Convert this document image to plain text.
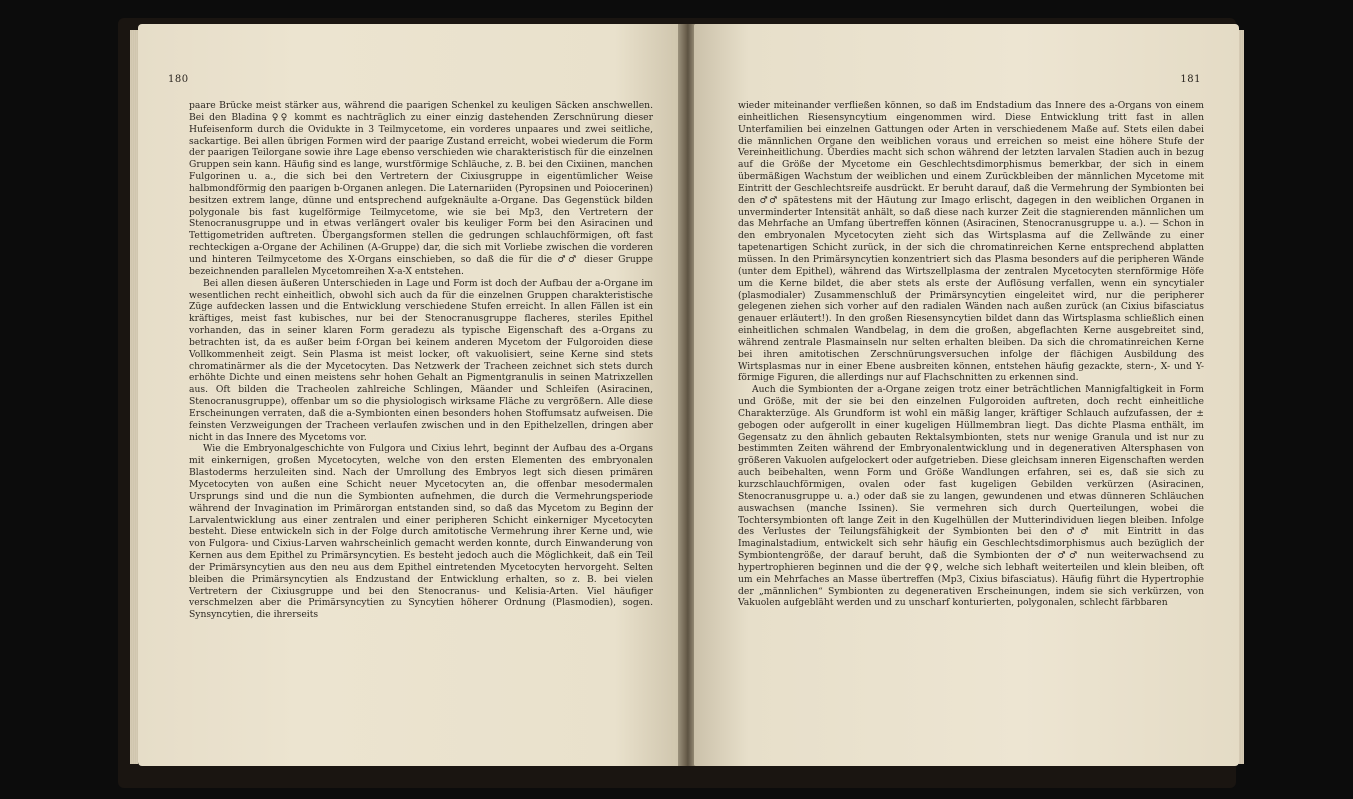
180

paare Brücke meist stärker aus, während die paarigen Schenkel zu keuligen Säcken anschwellen. Bei den Bladina ♀♀ kommt es nachträglich zu einer einzig dastehenden Zerschnürung dieser Hufeisenform durch die Ovidukte in 3 Teilmycetome, ein vorderes unpaares und zwei seitliche, sackartige. Bei allen übrigen Formen wird der paarige Zustand erreicht, wobei wiederum die Form der paarigen Teilorgane sowie ihre Lage ebenso verschieden wie charakteristisch für die einzelnen Gruppen sein kann. Häufig sind es lange, wurstförmige Schläuche, z. B. bei den Cixiinen, manchen Fulgorinen u. a., die sich bei den Vertretern der Cixiusgruppe in eigentümlicher Weise halbmondförmig den paarigen b-Organen anlegen. Die Laternariiden (Pyropsinen und Poiocerinen) besitzen extrem lange, dünne und entsprechend aufgeknäulte a-Organe. Das Gegenstück bilden polygonale bis fast kugelförmige Teilmycetome, wie sie bei Mp3, den Vertretern der Stenocranusgruppe und in etwas verlängert ovaler bis keuliger Form bei den Asiracinen und Tettigometriden auftreten. Übergangsformen stellen die gedrungen schlauchförmigen, oft fast rechteckigen a-Organe der Achilinen (A-Gruppe) dar, die sich mit Vorliebe zwischen die vorderen und hinteren Teilmycetome des X-Organs einschieben, so daß die für die ♂♂ dieser Gruppe bezeichnenden parallelen Mycetomreihen X-a-X entstehen.

Bei allen diesen äußeren Unterschieden in Lage und Form ist doch der Aufbau der a-Organe im wesentlichen recht einheitlich, obwohl sich auch da für die einzelnen Gruppen charakteristische Züge aufdecken lassen und die Entwicklung verschiedene Stufen erreicht. In allen Fällen ist ein kräftiges, meist fast kubisches, nur bei der Stenocranusgruppe flacheres, steriles Epithel vorhanden, das in seiner klaren Form geradezu als typische Eigenschaft des a-Organs zu betrachten ist, da es außer beim f-Organ bei keinem anderen Mycetom der Fulgoroiden diese Vollkommenheit zeigt. Sein Plasma ist meist locker, oft vakuolisiert, seine Kerne sind stets chromatinärmer als die der Mycetocyten. Das Netzwerk der Tracheen zeichnet sich stets durch erhöhte Dichte und einen meistens sehr hohen Gehalt an Pigmentgranulis in seinen Matrixzellen aus. Oft bilden die Tracheolen zahlreiche Schlingen, Mäander und Schleifen (Asiracinen, Stenocranusgruppe), offenbar um so die physiologisch wirksame Fläche zu vergrößern. Alle diese Erscheinungen verraten, daß die a-Symbionten einen besonders hohen Stoffumsatz aufweisen. Die feinsten Verzweigungen der Tracheen verlaufen zwischen und in den Epithelzellen, dringen aber nicht in das Innere des Mycetoms vor.

Wie die Embryonalgeschichte von Fulgora und Cixius lehrt, beginnt der Aufbau des a-Organs mit einkernigen, großen Mycetocyten, welche von den ersten Elementen des embryonalen Blastoderms herzuleiten sind. Nach der Umrollung des Embryos legt sich diesen primären Mycetocyten von außen eine Schicht neuer Mycetocyten an, die offenbar mesodermalen Ursprungs sind und die nun die Symbionten aufnehmen, die durch die Vermehrungsperiode während der Invagination im Primärorgan entstanden sind, so daß das Mycetom zu Beginn der Larvalentwicklung aus einer zentralen und einer peripheren Schicht einkerniger Mycetocyten besteht. Diese entwickeln sich in der Folge durch amitotische Vermehrung ihrer Kerne und, wie von Fulgora- und Cixius-Larven wahrscheinlich gemacht werden konnte, durch Einwanderung von Kernen aus dem Epithel zu Primärsyncytien. Es besteht jedoch auch die Möglichkeit, daß ein Teil der Primärsyncytien aus den neu aus dem Epithel eintretenden Mycetocyten hervorgeht. Selten bleiben die Primärsyncytien als Endzustand der Entwicklung erhalten, so z. B. bei vielen Vertretern der Cixiusgruppe und bei den Stenocranus- und Kelisia-Arten. Viel häufiger verschmelzen aber die Primärsyncytien zu Syncytien höherer Ordnung (Plasmodien), sogen. Synsyncytien, die ihrerseits

181

wieder miteinander verfließen können, so daß im Endstadium das Innere des a-Organs von einem einheitlichen Riesensyncytium eingenommen wird. Diese Entwicklung tritt fast in allen Unterfamilien bei einzelnen Gattungen oder Arten in verschiedenem Maße auf. Stets eilen dabei die männlichen Organe den weiblichen voraus und erreichen so meist eine höhere Stufe der Vereinheitlichung. Überdies macht sich schon während der letzten larvalen Stadien auch in bezug auf die Größe der Mycetome ein Geschlechtsdimorphismus bemerkbar, der sich in einem übermäßigen Wachstum der weiblichen und einem Zurückbleiben der männlichen Mycetome mit Eintritt der Geschlechtsreife ausdrückt. Er beruht darauf, daß die Vermehrung der Symbionten bei den ♂♂ spätestens mit der Häutung zur Imago erlischt, dagegen in den weiblichen Organen in unverminderter Intensität anhält, so daß diese nach kurzer Zeit die stagnierenden männlichen um das Mehrfache an Umfang übertreffen können (Asiracinen, Stenocranusgruppe u. a.). — Schon in den embryonalen Mycetocyten zieht sich das Wirtsplasma auf die Zellwände zu einer tapetenartigen Schicht zurück, in der sich die chromatinreichen Kerne entsprechend abplatten müssen. In den Primärsyncytien konzentriert sich das Plasma besonders auf die peripheren Wände (unter dem Epithel), während das Wirtszellplasma der zentralen Mycetocyten sternförmige Höfe um die Kerne bildet, die aber stets als erste der Auflösung verfallen, wenn ein syncytialer (plasmodialer) Zusammenschluß der Primärsyncytien eingeleitet wird, nur die peripherer gelegenen ziehen sich vorher auf den radialen Wänden nach außen zurück (an Cixius bifasciatus genauer erläutert!). In den großen Riesensyncytien bildet dann das Wirtsplasma schließlich einen einheitlichen schmalen Wandbelag, in dem die großen, abgeflachten Kerne ausgebreitet sind, während zentrale Plasmainseln nur selten erhalten bleiben. Da sich die chromatinreichen Kerne bei ihren amitotischen Zerschnürungsversuchen infolge der flächigen Ausbildung des Wirtsplasmas nur in einer Ebene ausbreiten können, entstehen häufig gezackte, stern-, X- und Y-förmige Figuren, die allerdings nur auf Flachschnitten zu erkennen sind.

Auch die Symbionten der a-Organe zeigen trotz einer beträchtlichen Mannigfaltigkeit in Form und Größe, mit der sie bei den einzelnen Fulgoroiden auftreten, doch recht einheitliche Charakterzüge. Als Grundform ist wohl ein mäßig langer, kräftiger Schlauch aufzufassen, der ± gebogen oder aufgerollt in einer kugeligen Hüllmembran liegt. Das dichte Plasma enthält, im Gegensatz zu den ähnlich gebauten Rektalsymbionten, stets nur wenige Granula und ist nur zu bestimmten Zeiten während der Embryonalentwicklung und in degenerativen Altersphasen von größeren Vakuolen aufgelockert oder aufgetrieben. Diese gleichsam inneren Eigenschaften werden auch beibehalten, wenn Form und Größe Wandlungen erfahren, sei es, daß sie sich zu kurzschlauchförmigen, ovalen oder fast kugeligen Gebilden verkürzen (Asiracinen, Stenocranusgruppe u. a.) oder daß sie zu langen, gewundenen und etwas dünneren Schläuchen auswachsen (manche Issinen). Sie vermehren sich durch Querteilungen, wobei die Tochtersymbionten oft lange Zeit in den Kugelhüllen der Mutterindividuen liegen bleiben. Infolge des Verlustes der Teilungsfähigkeit der Symbionten bei den ♂♂ mit Eintritt in das Imaginalstadium, entwickelt sich sehr häufig ein Geschlechtsdimorphismus auch bezüglich der Symbiontengröße, der darauf beruht, daß die Symbionten der ♂♂ nun weiterwachsend zu hypertrophieren beginnen und die der ♀♀, welche sich lebhaft weiterteilen und klein bleiben, oft um ein Mehrfaches an Masse übertreffen (Mp3, Cixius bifasciatus). Häufig führt die Hypertrophie der „männlichen“ Symbionten zu degenerativen Erscheinungen, indem sie sich verkürzen, von Vakuolen aufgebläht werden und zu unscharf konturierten, polygonalen, schlecht färbbaren
